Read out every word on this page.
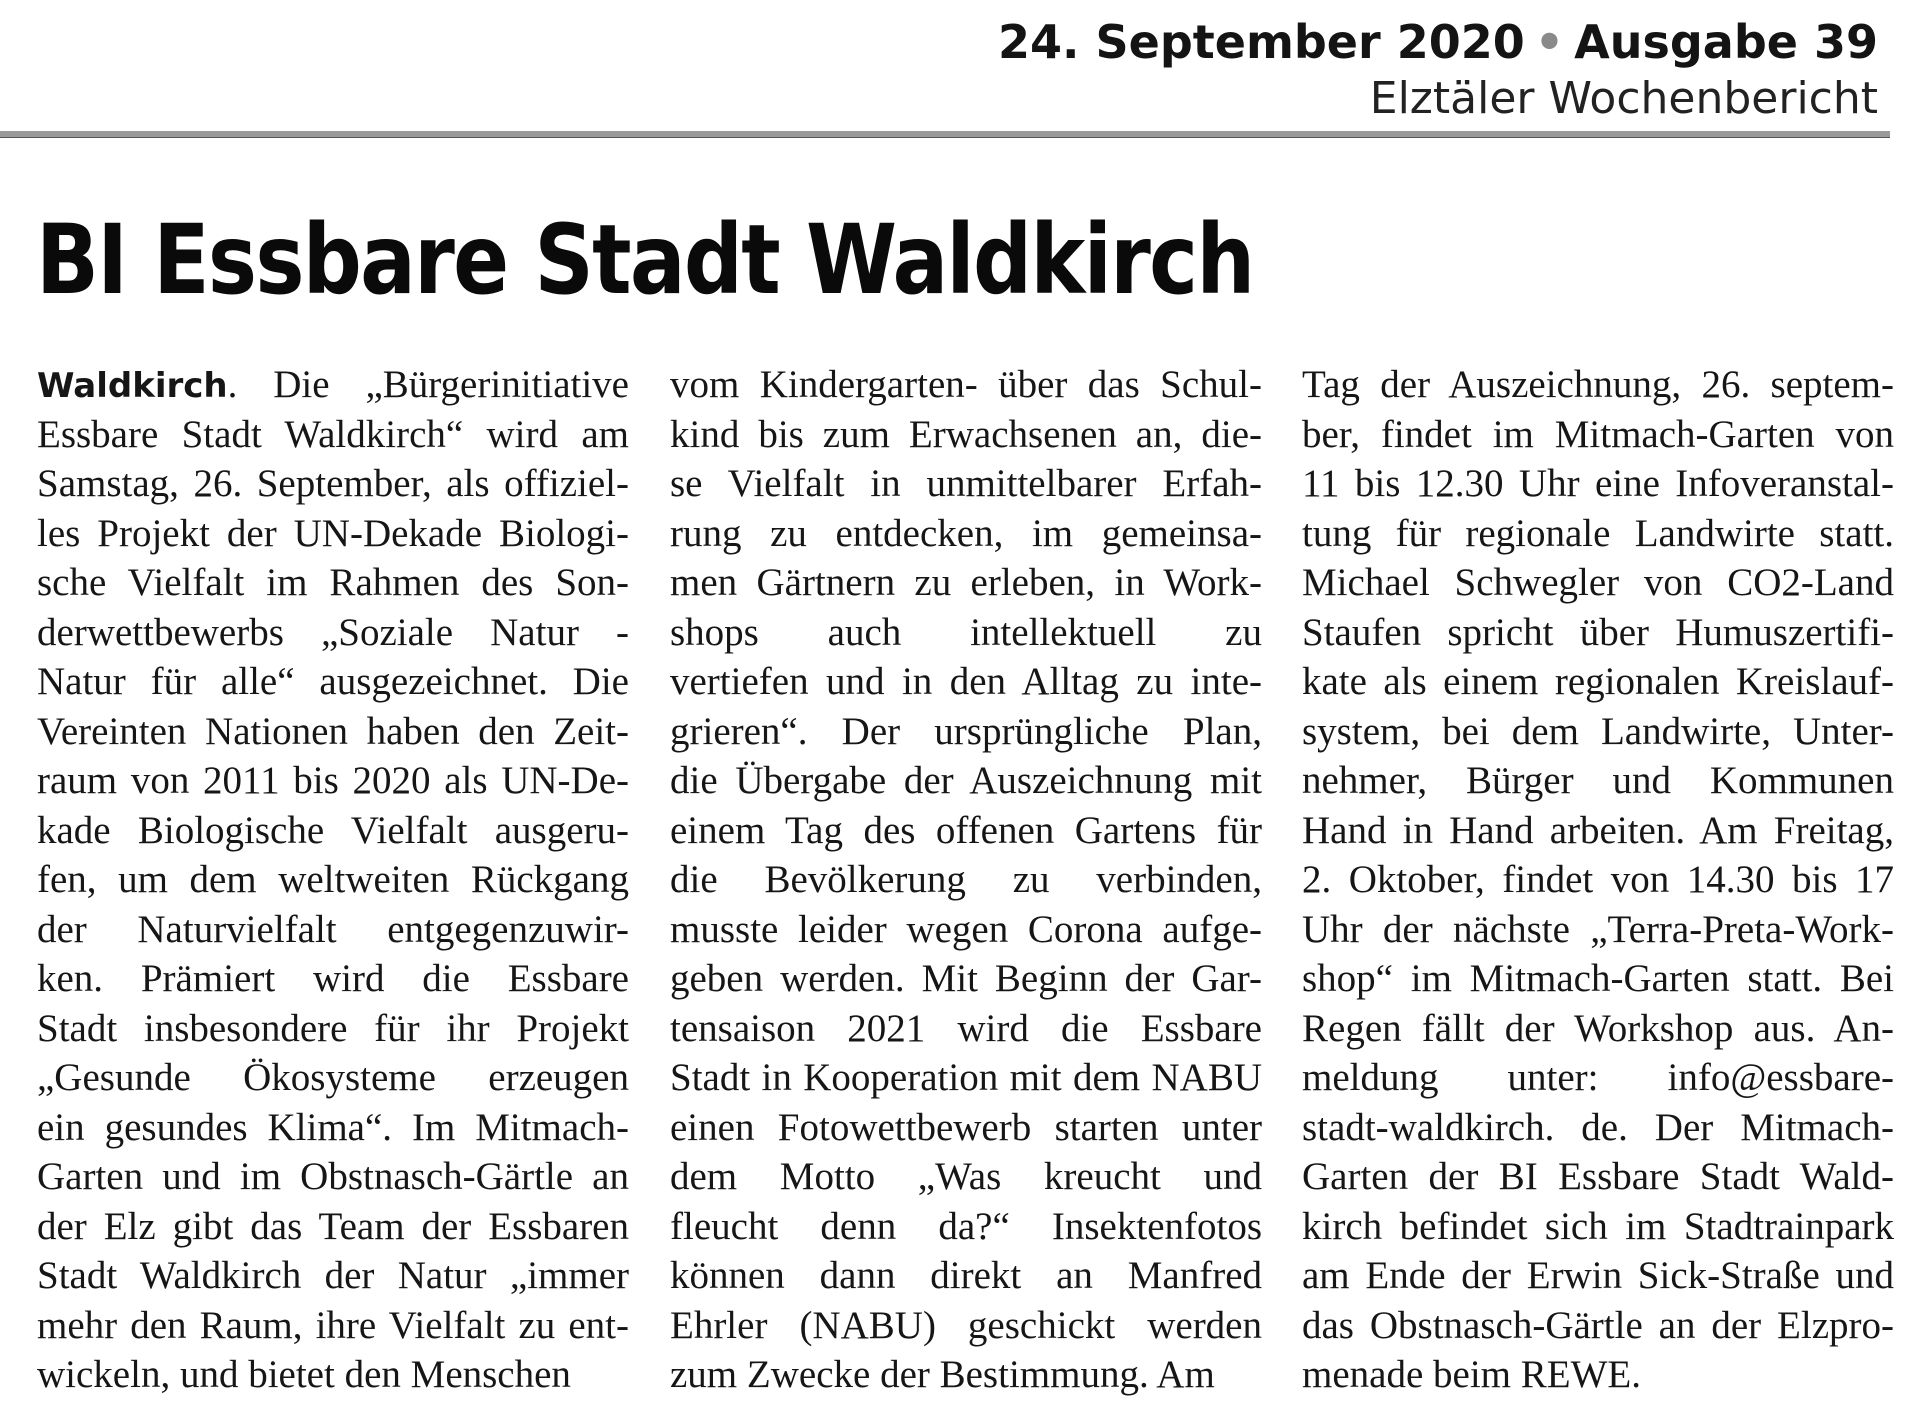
24. September 2020 • Ausgabe 39
Elztäler Wochenbericht
BI Essbare Stadt Waldkirch
Waldkirch. Die „Bürgerinitiative
Essbare Stadt Waldkirch“ wird am
Samstag, 26. September, als offiziel-
les Projekt der UN-Dekade Biologi-
sche Vielfalt im Rahmen des Son-
derwettbewerbs „Soziale Natur -
Natur für alle“ ausgezeichnet. Die
Vereinten Nationen haben den Zeit-
raum von 2011 bis 2020 als UN-De-
kade Biologische Vielfalt ausgeru-
fen, um dem weltweiten Rückgang
der Naturvielfalt entgegenzuwir-
ken. Prämiert wird die Essbare
Stadt insbesondere für ihr Projekt
„Gesunde Ökosysteme erzeugen
ein gesundes Klima“. Im Mitmach-
Garten und im Obstnasch-Gärtle an
der Elz gibt das Team der Essbaren
Stadt Waldkirch der Natur „immer
mehr den Raum, ihre Vielfalt zu ent-
wickeln, und bietet den Menschen
vom Kindergarten- über das Schul-
kind bis zum Erwachsenen an, die-
se Vielfalt in unmittelbarer Erfah-
rung zu entdecken, im gemeinsa-
men Gärtnern zu erleben, in Work-
shops auch intellektuell zu
vertiefen und in den Alltag zu inte-
grieren“. Der ursprüngliche Plan,
die Übergabe der Auszeichnung mit
einem Tag des offenen Gartens für
die Bevölkerung zu verbinden,
musste leider wegen Corona aufge-
geben werden. Mit Beginn der Gar-
tensaison 2021 wird die Essbare
Stadt in Kooperation mit dem NABU
einen Fotowettbewerb starten unter
dem Motto „Was kreucht und
fleucht denn da?“ Insektenfotos
können dann direkt an Manfred
Ehrler (NABU) geschickt werden
zum Zwecke der Bestimmung. Am
Tag der Auszeichnung, 26. septem-
ber, findet im Mitmach-Garten von
11 bis 12.30 Uhr eine Infoveranstal-
tung für regionale Landwirte statt.
Michael Schwegler von CO2-Land
Staufen spricht über Humuszertifi-
kate als einem regionalen Kreislauf-
system, bei dem Landwirte, Unter-
nehmer, Bürger und Kommunen
Hand in Hand arbeiten. Am Freitag,
2. Oktober, findet von 14.30 bis 17
Uhr der nächste „Terra-Preta-Work-
shop“ im Mitmach-Garten statt. Bei
Regen fällt der Workshop aus. An-
meldung unter: info@essbare-
stadt-waldkirch. de. Der Mitmach-
Garten der BI Essbare Stadt Wald-
kirch befindet sich im Stadtrainpark
am Ende der Erwin Sick-Straße und
das Obstnasch-Gärtle an der Elzpro-
menade beim REWE.
